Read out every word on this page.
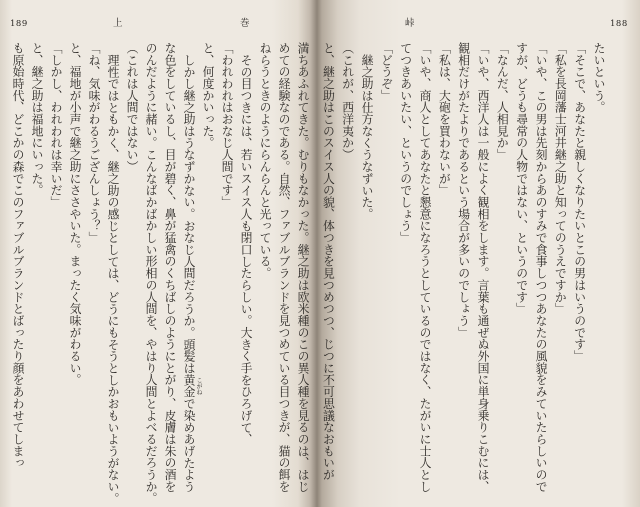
189	上	巻	峠	188
たいという。
「そこで、あなたと親しくなりたいとこの男はいうのです」
「私を長岡藩士河井継之助と知ってのうえですか」
「いや、この男は先刻からあのすみで食事しつつあなたの風貌をみていたらしいので
すが、どうも尋常の人物ではない、というのです」
「なんだ、人相見か」
「いや、西洋人は一般によく観相をします。言葉も通ぜぬ外国に単身乗りこむには、
観相だけがたよりであるという場合が多いのでしょう」
「私は、大砲を買わないが」
「いや、商人としてあなたと懇意になろうとしているのではなく、たがいに士人とし
てつきあいたい、というのでしょう」
「どうぞ」
継之助は仕方なくうなずいた。
（これが、西洋夷か）
と、継之助はこのスイス人の貌、体つきを見つめつつ、じつに不可思議なおもいが
満ちあふれてきた。むりもなかった。継之助は欧米種のこの異人種を見るのは、はじ
めての経験なのである。自然、ファブルブランドを見つめている目つきが、猫の餌を
ねらうときのようにらんらんと光っている。
その目つきには、若いスイス人も閉口したらしい。大きく手をひろげて、
「われわれはおなじ人間です」
と、何度かいった。
しかし継之助はうなずかない。おなじ人間だろうか。頭髪は黄金で染めあげたよう
な色をしているし、目が碧く、鼻が猛禽のくちばしのようにとがり、皮膚は朱の酒を
のんだように赭い。こんなばかばかしい形相の人間を、やはり人間とよべるだろうか。
（これは人間ではない）
理性ではともかく、継之助の感じとしては、どうにもそうとしかおもいようがない。
「ね、気味がわるうござんしょう？」
と、福地が小声で継之助にささやいた。まったく気味がわるい。
「しかし、われわれは幸いだ」
と、継之助は福地にいった。
も原始時代、どこかの森でこのファブルブランドとばったり顔をあわせてしまっ	こがね
